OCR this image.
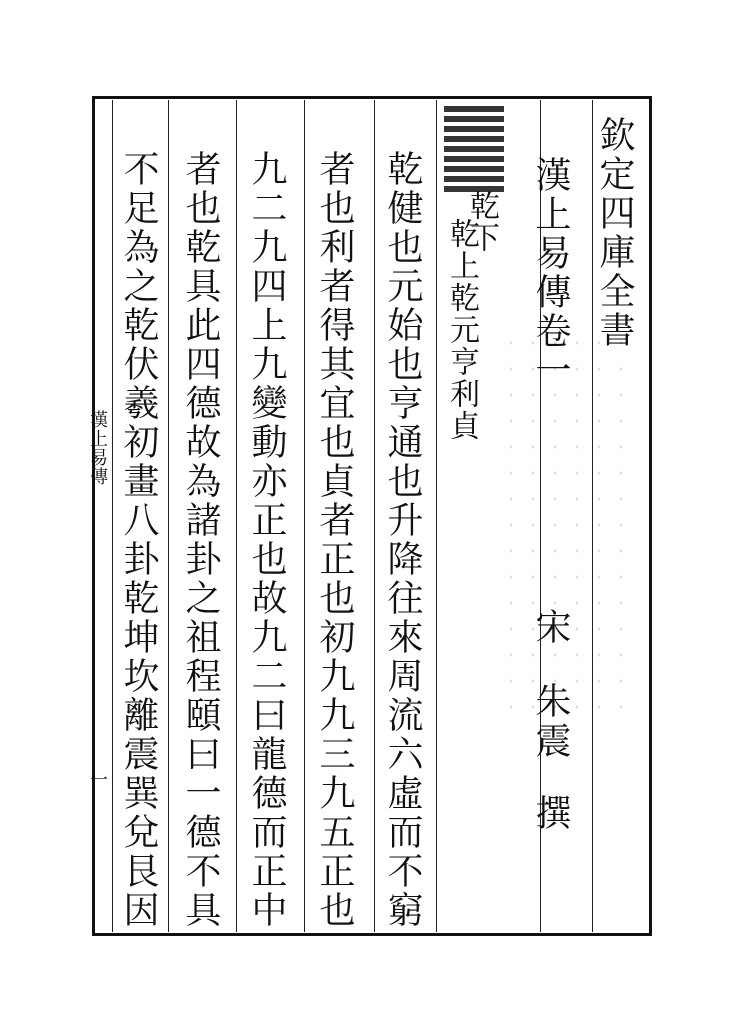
欽定四庫全書
漢上易傳卷一
宋
朱震
撰
乾下
乾上乾元亨利貞
乾健也元始也亨通也升降往來周流六虛而不窮
者也利者得其宜也貞者正也初九九三九五正也
九二九四上九變動亦正也故九二曰龍德而正中
者也乾具此四德故為諸卦之祖程頤曰一德不具
不足為之乾伏羲初畫八卦乾坤坎離震巽兌艮因
漢上易傳
一
